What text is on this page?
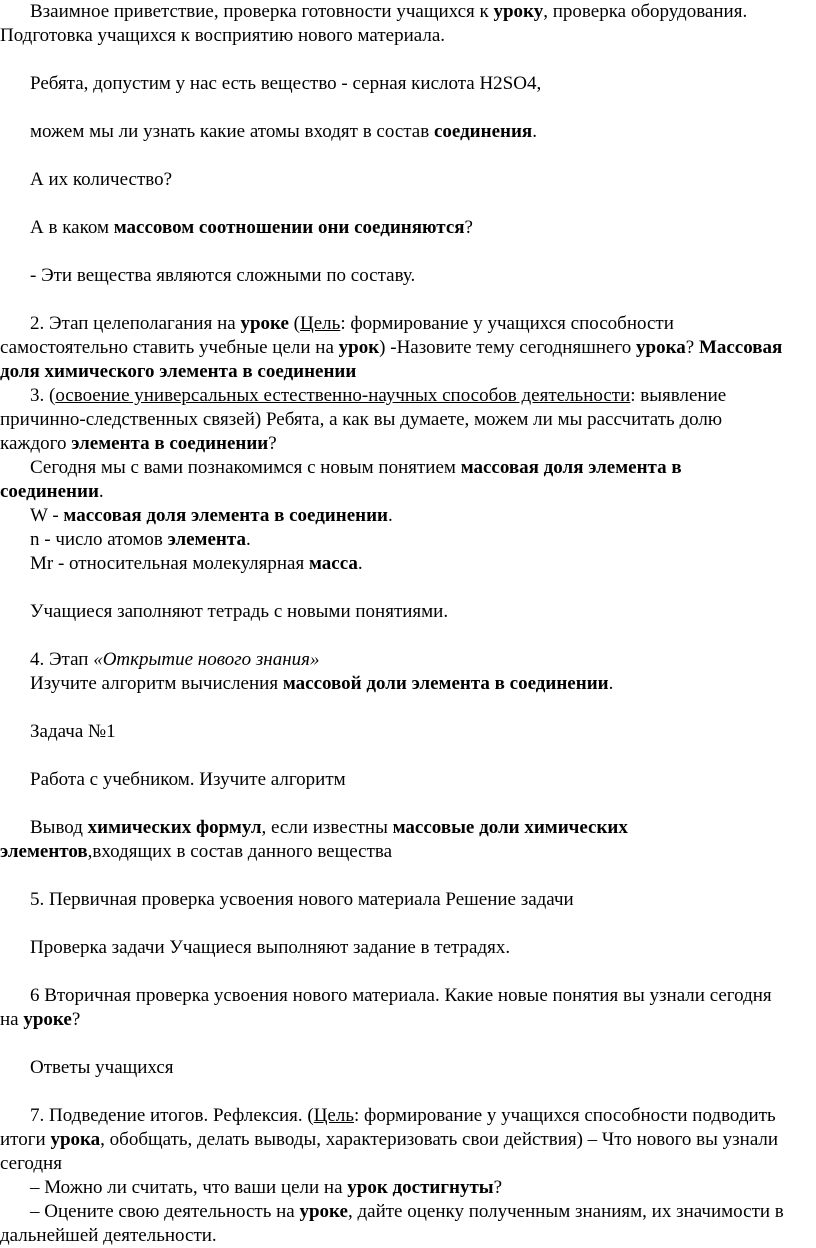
Взаимное приветствие, проверка готовности учащихся к уроку, проверка оборудования. Подготовка учащихся к восприятию нового материала.

Ребята, допустим у нас есть вещество - серная кислота H2SO4,

можем мы ли узнать какие атомы входят в состав соединения.

А их количество?

А в каком массовом соотношении они соединяются?

- Эти вещества являются сложными по составу.

2. Этап целеполагания на уроке (Цель: формирование у учащихся способности самостоятельно ставить учебные цели на урок) -Назовите тему сегодняшнего урока? Массовая доля химического элемента в соединении

3. (освоение универсальных естественно-научных способов деятельности: выявление причинно-следственных связей) Ребята, а как вы думаете, можем ли мы рассчитать долю каждого элемента в соединении?

Сегодня мы с вами познакомимся с новым понятием массовая доля элемента в соединении.

W - массовая доля элемента в соединении.

n - число атомов элемента.

Mr - относительная молекулярная масса.

Учащиеся заполняют тетрадь с новыми понятиями.

4. Этап «Открытие нового знания»

Изучите алгоритм вычисления массовой доли элемента в соединении.

Задача №1

Работа с учебником. Изучите алгоритм

Вывод химических формул, если известны массовые доли химических элементов,входящих в состав данного вещества

5. Первичная проверка усвоения нового материала Решение задачи

Проверка задачи Учащиеся выполняют задание в тетрадях.

6 Вторичная проверка усвоения нового материала. Какие новые понятия вы узнали сегодня на уроке?

Ответы учащихся

7. Подведение итогов. Рефлексия. (Цель: формирование у учащихся способности подводить итоги урока, обобщать, делать выводы, характеризовать свои действия) – Что нового вы узнали сегодня

– Можно ли считать, что ваши цели на урок достигнуты?

– Оцените свою деятельность на уроке, дайте оценку полученным знаниям, их значимости в дальнейшей деятельности.
